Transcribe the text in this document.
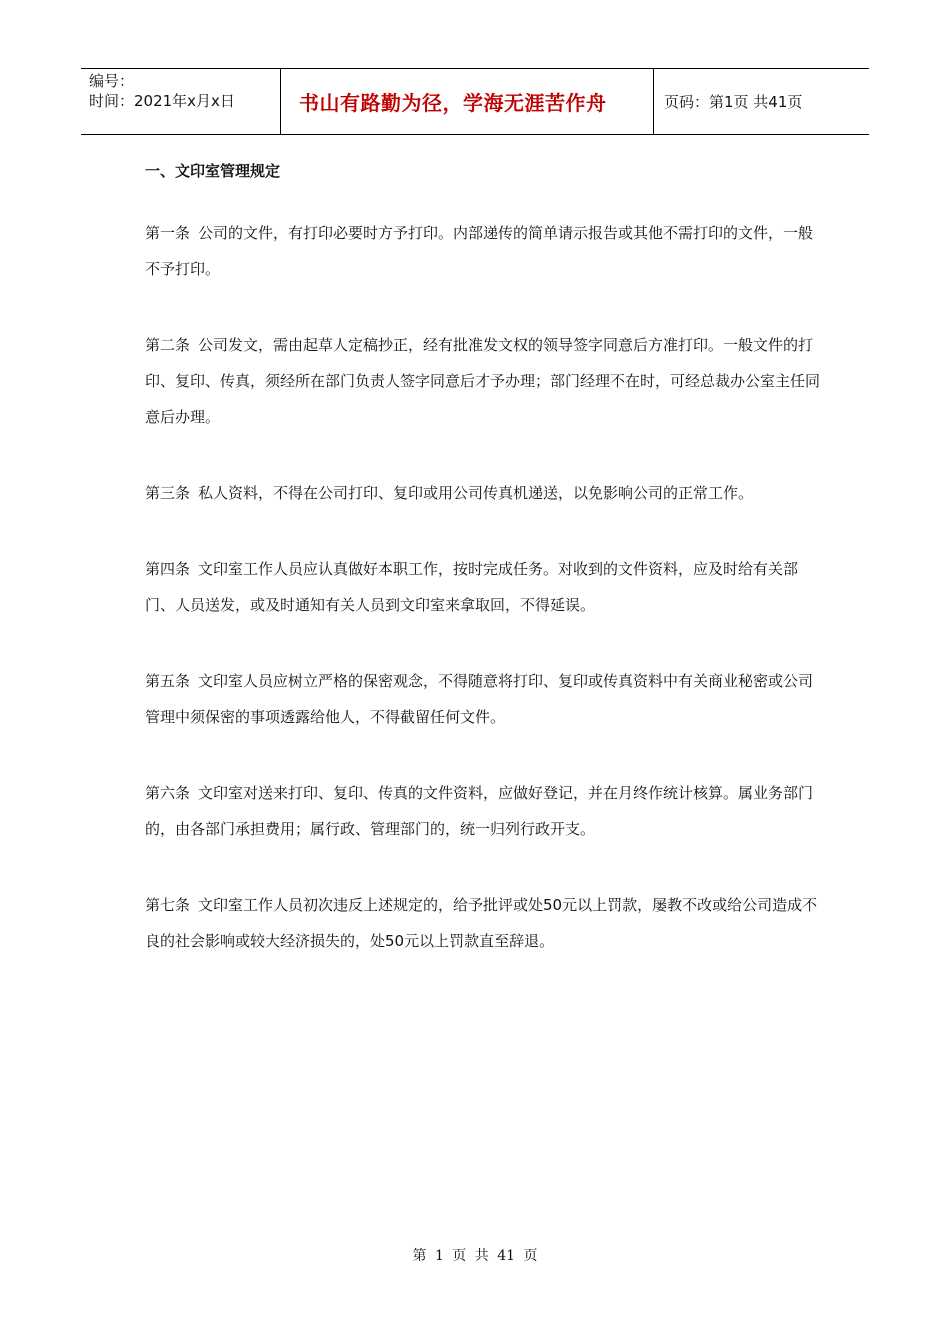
编号：
时间：2021年x月x日	书山有路勤为径，学海无涯苦作舟	页码：第1页 共41页
一、文印室管理规定

第一条 公司的文件，有打印必要时方予打印。内部递传的简单请示报告或其他不需打印的文件，一般不予打印。

第二条 公司发文，需由起草人定稿抄正，经有批准发文权的领导签字同意后方准打印。一般文件的打印、复印、传真，须经所在部门负责人签字同意后才予办理；部门经理不在时，可经总裁办公室主任同意后办理。

第三条 私人资料，不得在公司打印、复印或用公司传真机递送，以免影响公司的正常工作。

第四条 文印室工作人员应认真做好本职工作，按时完成任务。对收到的文件资料，应及时给有关部门、人员送发，或及时通知有关人员到文印室来拿取回，不得延误。

第五条 文印室人员应树立严格的保密观念，不得随意将打印、复印或传真资料中有关商业秘密或公司管理中须保密的事项透露给他人，不得截留任何文件。

第六条 文印室对送来打印、复印、传真的文件资料，应做好登记，并在月终作统计核算。属业务部门的，由各部门承担费用；属行政、管理部门的，统一归列行政开支。

第七条 文印室工作人员初次违反上述规定的，给予批评或处50元以上罚款，屡教不改或给公司造成不良的社会影响或较大经济损失的，处50元以上罚款直至辞退。

第 1 页 共 41 页
